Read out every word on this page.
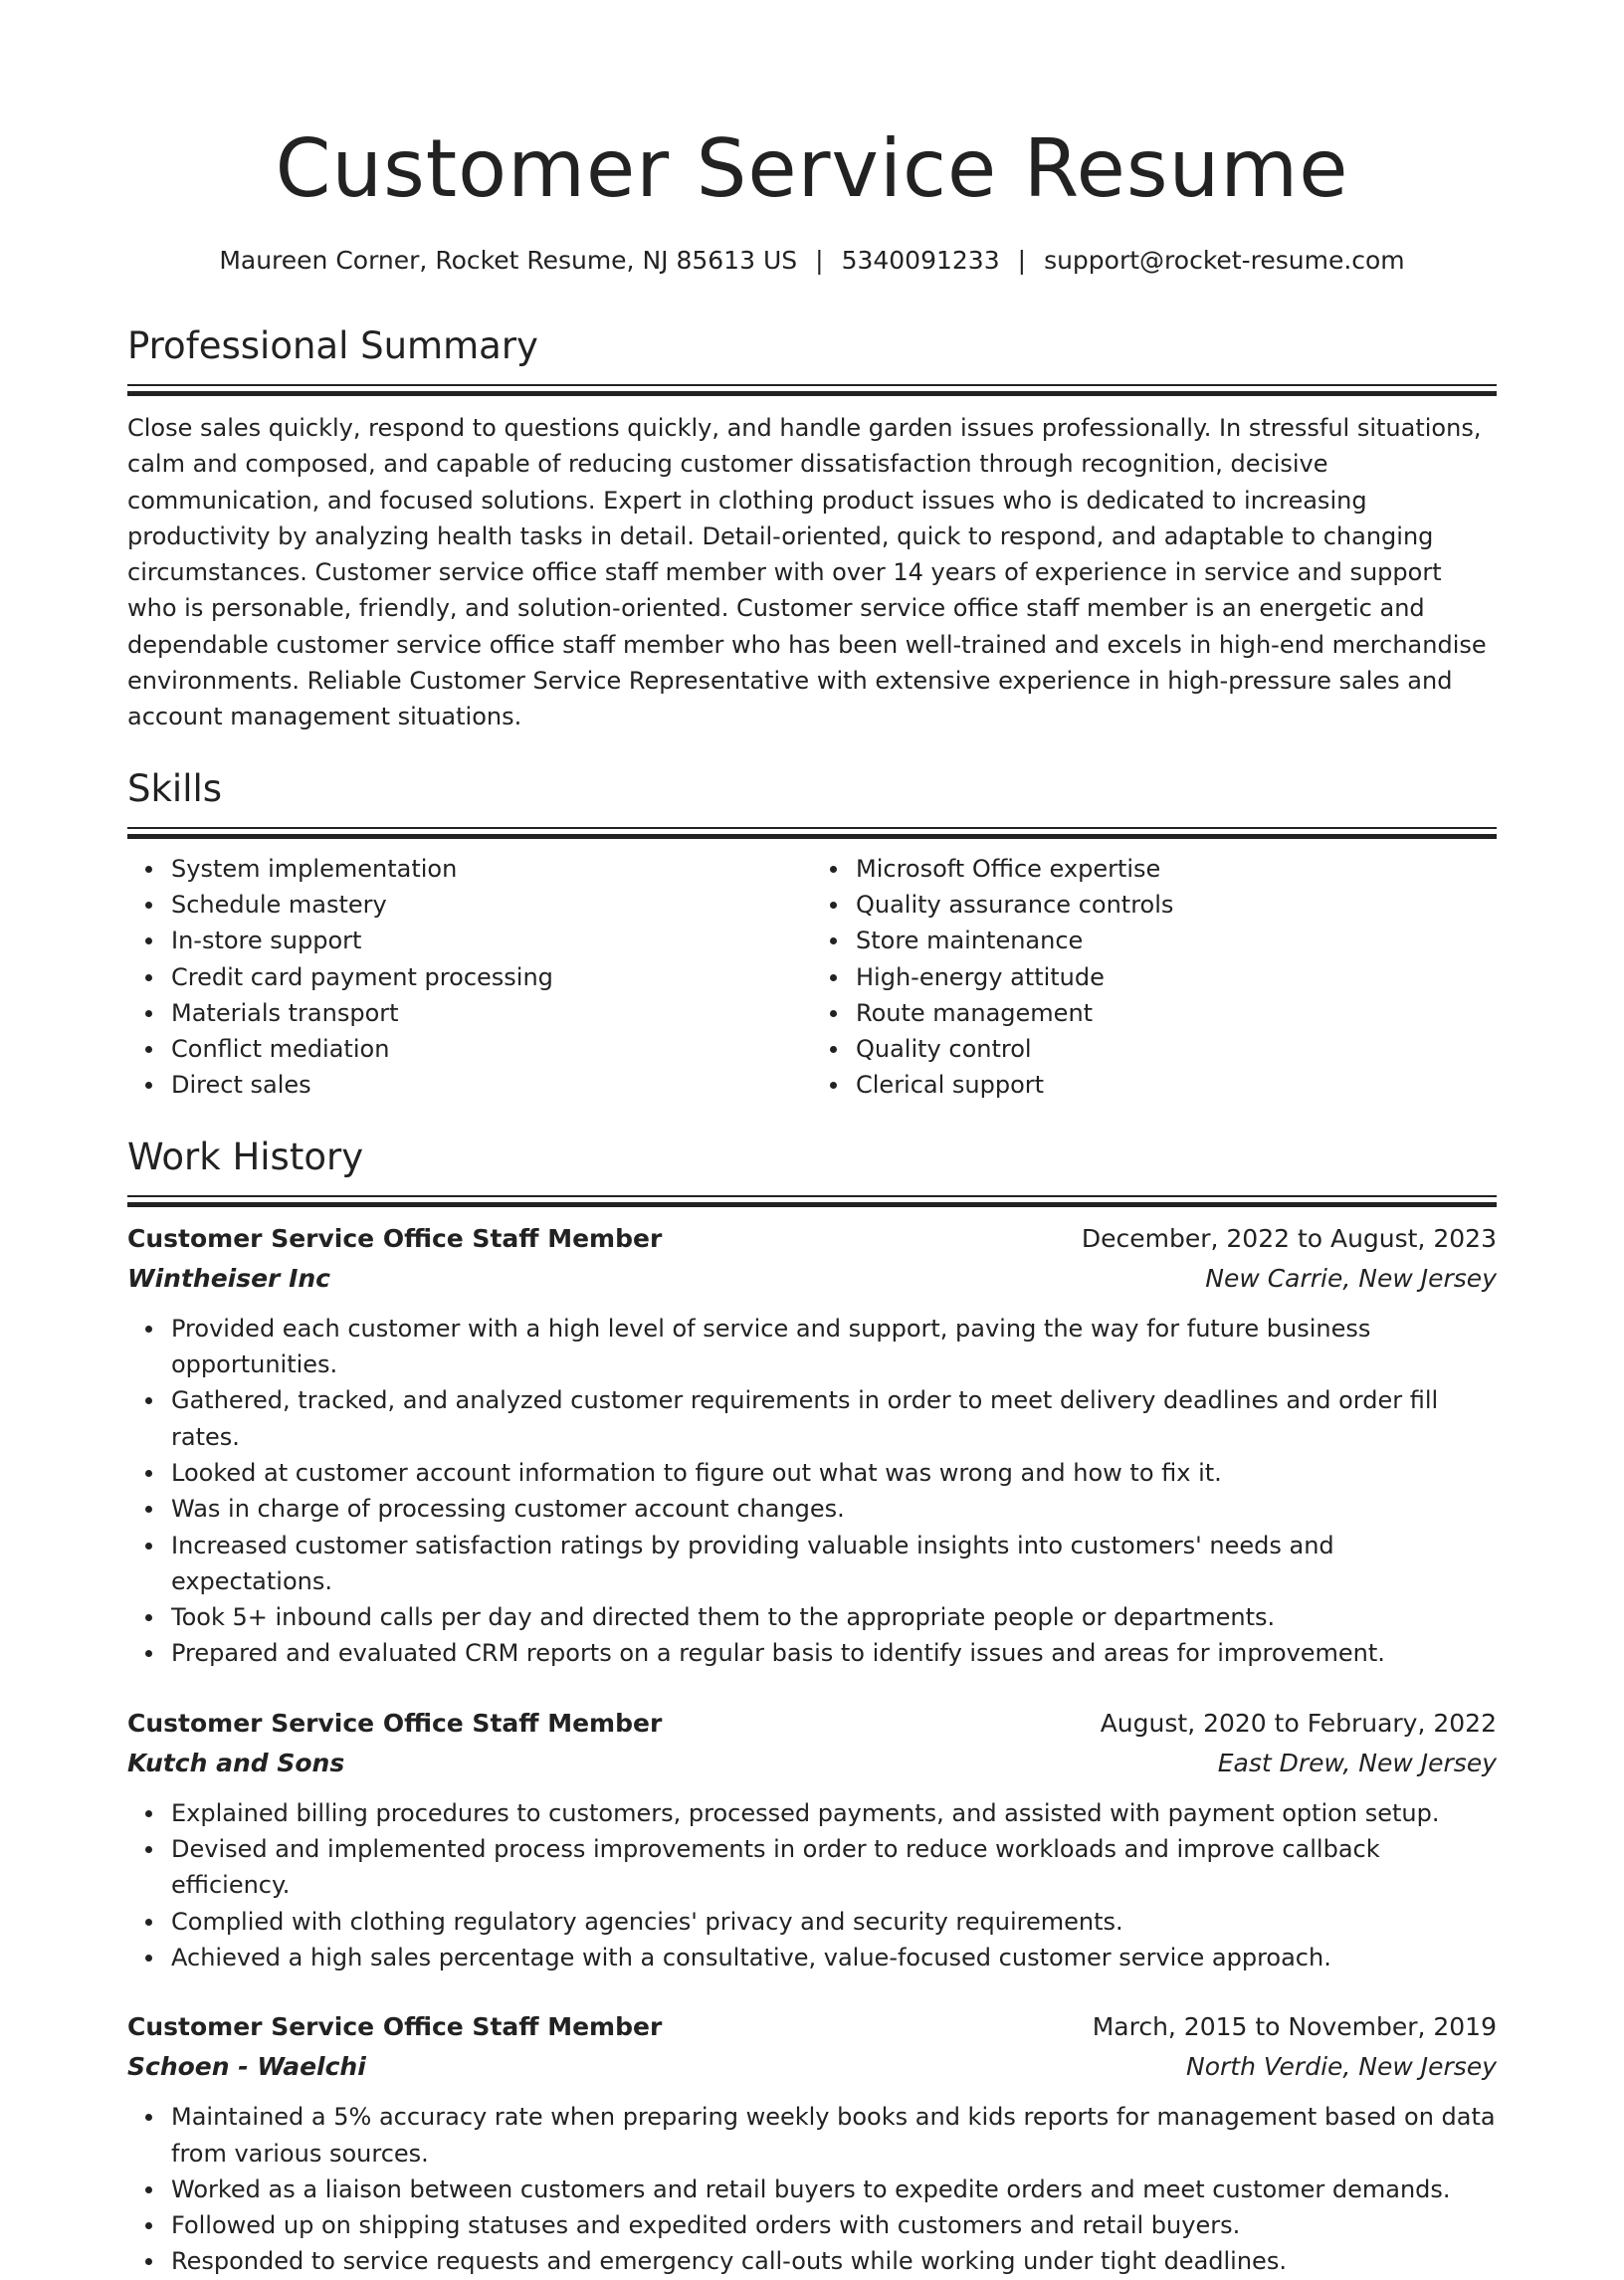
Customer Service Resume
Maureen Corner, Rocket Resume, NJ 85613 US | 5340091233 | support@rocket-resume.com
Professional Summary
Close sales quickly, respond to questions quickly, and handle garden issues professionally. In stressful situations, calm and composed, and capable of reducing customer dissatisfaction through recognition, decisive communication, and focused solutions. Expert in clothing product issues who is dedicated to increasing productivity by analyzing health tasks in detail. Detail-oriented, quick to respond, and adaptable to changing circumstances. Customer service office staff member with over 14 years of experience in service and support who is personable, friendly, and solution-oriented. Customer service office staff member is an energetic and dependable customer service office staff member who has been well-trained and excels in high-end merchandise environments. Reliable Customer Service Representative with extensive experience in high-pressure sales and account management situations.
Skills
System implementation
Schedule mastery
In-store support
Credit card payment processing
Materials transport
Conflict mediation
Direct sales
Microsoft Office expertise
Quality assurance controls
Store maintenance
High-energy attitude
Route management
Quality control
Clerical support
Work History
Customer Service Office Staff Member	December, 2022 to August, 2023
Wintheiser Inc	New Carrie, New Jersey
Provided each customer with a high level of service and support, paving the way for future business opportunities.
Gathered, tracked, and analyzed customer requirements in order to meet delivery deadlines and order fill rates.
Looked at customer account information to figure out what was wrong and how to fix it.
Was in charge of processing customer account changes.
Increased customer satisfaction ratings by providing valuable insights into customers' needs and expectations.
Took 5+ inbound calls per day and directed them to the appropriate people or departments.
Prepared and evaluated CRM reports on a regular basis to identify issues and areas for improvement.
Customer Service Office Staff Member	August, 2020 to February, 2022
Kutch and Sons	East Drew, New Jersey
Explained billing procedures to customers, processed payments, and assisted with payment option setup.
Devised and implemented process improvements in order to reduce workloads and improve callback efficiency.
Complied with clothing regulatory agencies' privacy and security requirements.
Achieved a high sales percentage with a consultative, value-focused customer service approach.
Customer Service Office Staff Member	March, 2015 to November, 2019
Schoen - Waelchi	North Verdie, New Jersey
Maintained a 5% accuracy rate when preparing weekly books and kids reports for management based on data from various sources.
Worked as a liaison between customers and retail buyers to expedite orders and meet customer demands.
Followed up on shipping statuses and expedited orders with customers and retail buyers.
Responded to service requests and emergency call-outs while working under tight deadlines.
